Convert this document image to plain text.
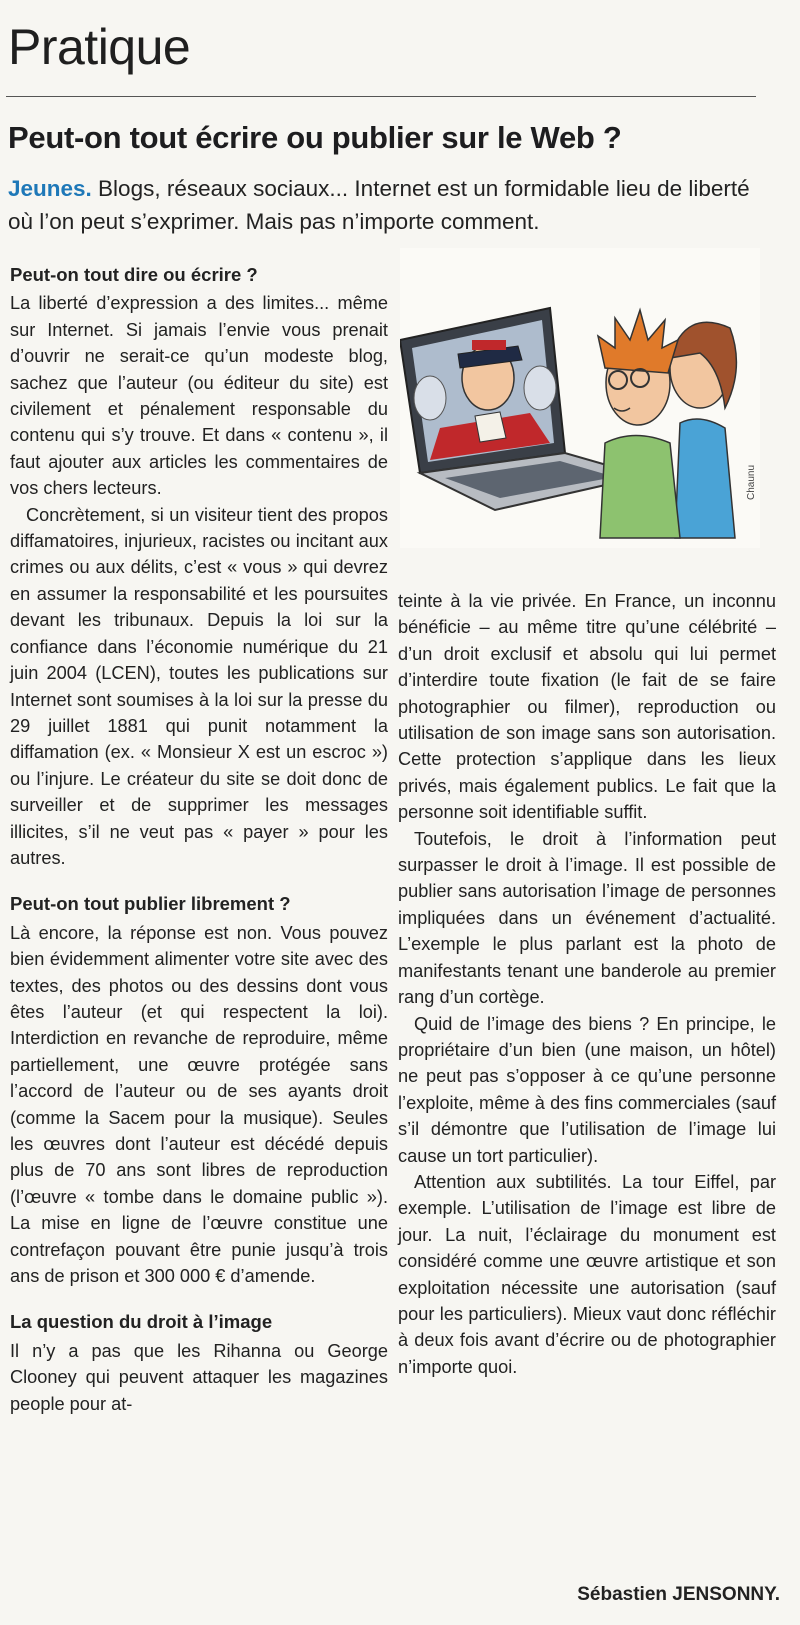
Pratique
Peut-on tout écrire ou publier sur le Web ?

Jeunes. Blogs, réseaux sociaux... Internet est un formidable lieu de liberté où l’on peut s’exprimer. Mais pas n’importe comment.

Peut-on tout dire ou écrire ?

La liberté d’expression a des limites... même sur Internet. Si jamais l’envie vous prenait d’ouvrir ne serait-ce qu’un modeste blog, sachez que l’auteur (ou éditeur du site) est civilement et pénalement responsable du contenu qui s’y trouve. Et dans « contenu », il faut ajouter aux articles les commentaires de vos chers lecteurs.

Concrètement, si un visiteur tient des propos diffamatoires, injurieux, racistes ou incitant aux crimes ou aux délits, c’est « vous » qui devrez en assumer la responsabilité et les poursuites devant les tribunaux. Depuis la loi sur la confiance dans l’économie numérique du 21 juin 2004 (LCEN), toutes les publications sur Internet sont soumises à la loi sur la presse du 29 juillet 1881 qui punit notamment la diffamation (ex. « Monsieur X est un escroc ») ou l’injure. Le créateur du site se doit donc de surveiller et de supprimer les messages illicites, s’il ne veut pas « payer » pour les autres.

Peut-on tout publier librement ?

Là encore, la réponse est non. Vous pouvez bien évidemment alimenter votre site avec des textes, des photos ou des dessins dont vous êtes l’auteur (et qui respectent la loi). Interdiction en revanche de reproduire, même partiellement, une œuvre protégée sans l’accord de l’auteur ou de ses ayants droit (comme la Sacem pour la musique). Seules les œuvres dont l’auteur est décédé depuis plus de 70 ans sont libres de reproduction (l’œuvre « tombe dans le domaine public »). La mise en ligne de l’œuvre constitue une contrefaçon pouvant être punie jusqu’à trois ans de prison et 300 000 € d’amende.

La question du droit à l’image

Il n’y a pas que les Rihanna ou George Clooney qui peuvent attaquer les magazines people pour at-

teinte à la vie privée. En France, un inconnu bénéficie – au même titre qu’une célébrité – d’un droit exclusif et absolu qui lui permet d’interdire toute fixation (le fait de se faire photographier ou filmer), reproduction ou utilisation de son image sans son autorisation. Cette protection s’applique dans les lieux privés, mais également publics. Le fait que la personne soit identifiable suffit.

Toutefois, le droit à l’information peut surpasser le droit à l’image. Il est possible de publier sans autorisation l’image de personnes impliquées dans un événement d’actualité. L’exemple le plus parlant est la photo de manifestants tenant une banderole au premier rang d’un cortège.

Quid de l’image des biens ? En principe, le propriétaire d’un bien (une maison, un hôtel) ne peut pas s’opposer à ce qu’une personne l’exploite, même à des fins commerciales (sauf s’il démontre que l’utilisation de l’image lui cause un tort particulier).

Attention aux subtilités. La tour Eiffel, par exemple. L’utilisation de l’image est libre de jour. La nuit, l’éclairage du monument est considéré comme une œuvre artistique et son exploitation nécessite une autorisation (sauf pour les particuliers). Mieux vaut donc réfléchir à deux fois avant d’écrire ou de photographier n’importe quoi.

Sébastien JENSONNY.
Chaunu
